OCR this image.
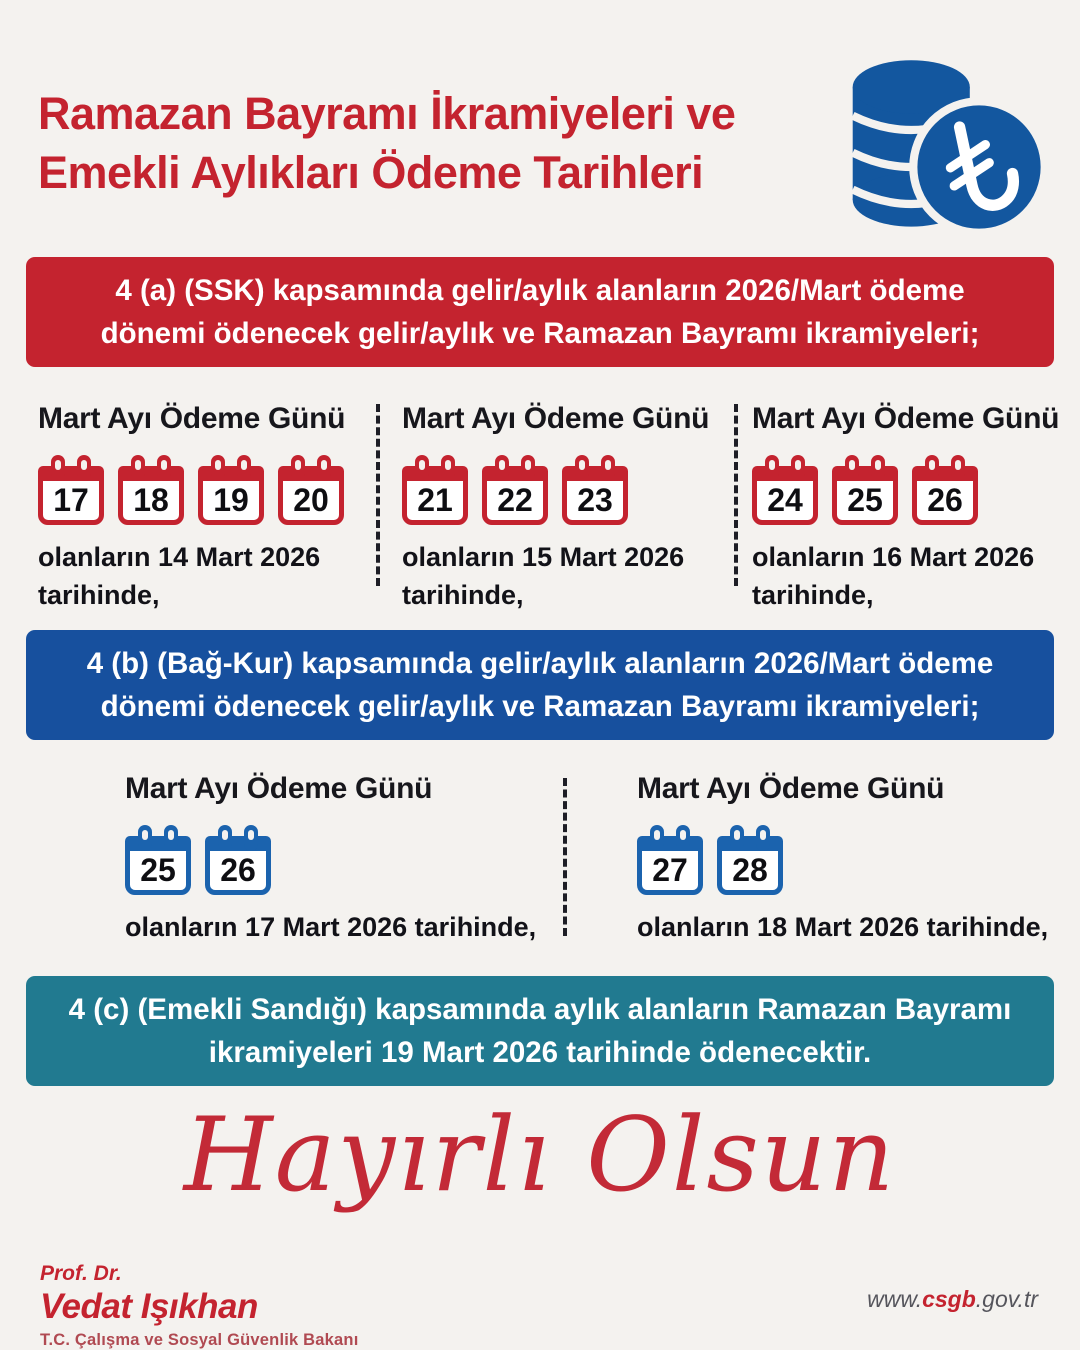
Ramazan Bayramı İkramiyeleri ve
Emekli Aylıkları Ödeme Tarihleri
4 (a) (SSK) kapsamında gelir/aylık alanların 2026/Mart ödeme
dönemi ödenecek gelir/aylık ve Ramazan Bayramı ikramiyeleri;
Mart Ayı Ödeme Günü
17	18	19	20
olanların 14 Mart 2026
tarihinde,
Mart Ayı Ödeme Günü
21	22	23
olanların 15 Mart 2026
tarihinde,
Mart Ayı Ödeme Günü
24	25	26
olanların 16 Mart 2026
tarihinde,
4 (b) (Bağ-Kur) kapsamında gelir/aylık alanların 2026/Mart ödeme
dönemi ödenecek gelir/aylık ve Ramazan Bayramı ikramiyeleri;
Mart Ayı Ödeme Günü
25	26
olanların 17 Mart 2026 tarihinde,
Mart Ayı Ödeme Günü
27	28
olanların 18 Mart 2026 tarihinde,
4 (c) (Emekli Sandığı) kapsamında aylık alanların Ramazan Bayramı
ikramiyeleri 19 Mart 2026 tarihinde ödenecektir.
Hayırlı Olsun
Prof. Dr.
Vedat Işıkhan
T.C. Çalışma ve Sosyal Güvenlik Bakanı
www.csgb.gov.tr
